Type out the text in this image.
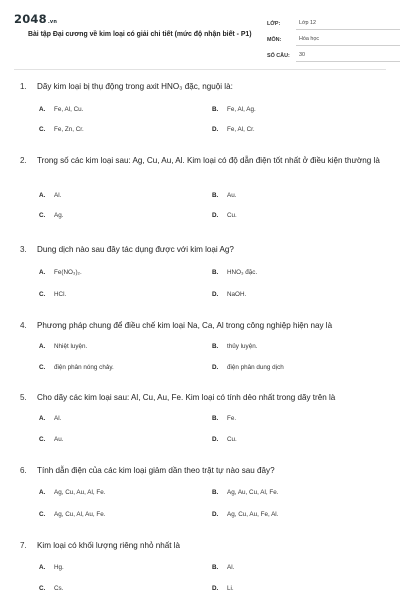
2048.vn
Bài tập Đại cương về kim loại có giải chi tiết (mức độ nhận biết - P1)
LỚP:	Lớp 12
MÔN:	Hóa học
SỐ CÂU:	30
1.	Dãy kim loại bị thụ động trong axit HNO₃ đặc, nguội là:
A.	Fe, Al, Cu.	B.	Fe, Al, Ag.
C.	Fe, Zn, Cr.	D.	Fe, Al, Cr.
2.	Trong số các kim loại sau: Ag, Cu, Au, Al. Kim loại có độ dẫn điện tốt nhất ở điều kiện thường là
A.	Al.	B.	Au.
C.	Ag.	D.	Cu.
3.	Dung dịch nào sau đây tác dụng được với kim loại Ag?
A.	Fe(NO₃)₂.	B.	HNO₃ đặc.
C.	HCl.	D.	NaOH.
4.	Phương pháp chung để điều chế kim loại Na, Ca, Al trong công nghiệp hiện nay là
A.	Nhiệt luyện.	B.	thủy luyện.
C.	điện phân nóng chảy.	D.	điện phân dung dịch
5.	Cho dãy các kim loại sau: Al, Cu, Au, Fe. Kim loại có tính dẻo nhất trong dãy trên là
A.	Al.	B.	Fe.
C.	Au.	D.	Cu.
6.	Tính dẫn điện của các kim loại giảm dần theo trật tự nào sau đây?
A.	Ag, Cu, Au, Al, Fe.	B.	Ag, Au, Cu, Al, Fe.
C.	Ag, Cu, Al, Au, Fe.	D.	Ag, Cu, Au, Fe, Al.
7.	Kim loại có khối lượng riêng nhỏ nhất là
A.	Hg.	B.	Al.
C.	Cs.	D.	Li.
